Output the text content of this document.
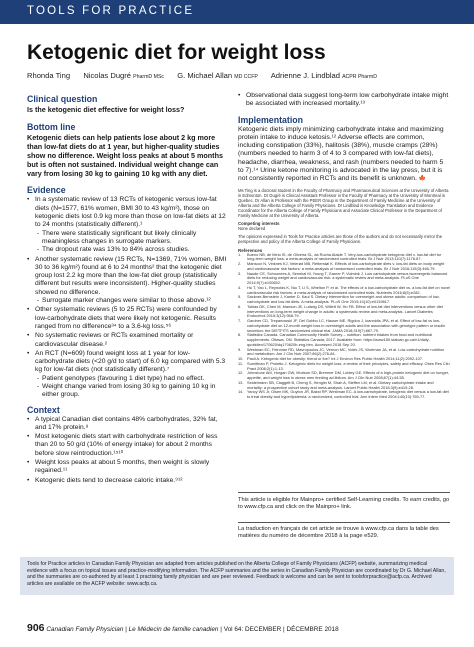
TOOLS FOR PRACTICE
Ketogenic diet for weight loss
Rhonda Ting Nicolas Dugré PharmD MSc G. Michael Allan MD CCFP Adrienne J. Lindblad ACPR PharmD
Clinical question
Is the ketogenic diet effective for weight loss?
Bottom line
Ketogenic diets can help patients lose about 2 kg more than low-fat diets do at 1 year, but higher-quality studies show no difference. Weight loss peaks at about 5 months but is often not sustained. Individual weight change can vary from losing 30 kg to gaining 10 kg with any diet.
Evidence
• In a systematic review of 13 RCTs of ketogenic versus low-fat diets (N=1577, 61% women, BMI 30 to 43 kg/m²), those on ketogenic diets lost 0.9 kg more than those on low-fat diets at 12 to 24 months (statistically different).¹
- There were statistically significant but likely clinically meaningless changes in surrogate markers.
- The dropout rate was 13% to 84% across studies.
• Another systematic review (15 RCTs, N=1369, 71% women, BMI 30 to 36 kg/m²) found at 6 to 24 months² that the ketogenic diet group lost 2.2 kg more than the low-fat diet group (statistically different but results were inconsistent). Higher-quality studies showed no difference.
- Surrogate marker changes were similar to those above.¹²
• Other systematic reviews (5 to 25 RCTs) were confounded by low-carbohydrate diets that were likely not ketogenic. Results ranged from no difference³⁴ to a 3.6-kg loss.⁵⁶
• No systematic reviews or RCTs examined mortality or cardiovascular disease.²
• An RCT (N=609) found weight loss at 1 year for low-carbohydrate diets (<20 g/d to start) of 6.0 kg compared with 5.3 kg for low-fat diets (not statistically different).⁷
- Patient genotypes (favouring 1 diet type) had no effect.
- Weight change varied from losing 30 kg to gaining 10 kg in either group.
Context
• A typical Canadian diet contains 48% carbohydrates, 32% fat, and 17% protein.⁸
• Most ketogenic diets start with carbohydrate restriction of less than 20 to 50 g/d (10% of energy intake) for about 2 months before slow reintroduction.¹⁵¹⁰
• Weight loss peaks at about 5 months, then weight is slowly regained.¹¹
• Ketogenic diets tend to decrease caloric intake.⁹¹²
• Observational data suggest long-term low carbohydrate intake might be associated with increased mortality.¹³
Implementation
Ketogenic diets imply minimizing carbohydrate intake and maximizing protein intake to induce ketosis.¹² Adverse effects are common, including constipation (33%), halitosis (38%), muscle cramps (28%) (numbers needed to harm 3 of 4 to 3 compared with low-fat diets), headache, diarrhea, weakness, and rash (numbers needed to harm 5 to 7).¹⁴ Urine ketone monitoring is advocated in the lay press, but it is not consistently reported in RCTs and its benefit is unknown. 🍁
Ms Ting is a doctoral student in the Faculty of Pharmacy and Pharmaceutical Sciences at the University of Alberta in Edmonton. Dr Dugré is Clinical Assistant Professor in the Faculty of Pharmacy at the University of Montreal in Quebec. Dr Allan is Professor with the PEER Group in the Department of Family Medicine at the University of Alberta and the Alberta College of Family Physicians. Dr Lindblad is Knowledge Translation and Evidence Coordinator for the Alberta College of Family Physicians and Associate Clinical Professor in the Department of Family Medicine at the University of Alberta.
Competing interests
None declared
The opinions expressed in Tools for Practice articles are those of the authors and do not necessarily mirror the perspective and policy of the Alberta College of Family Physicians.
References
1. Bueno NB, de Melo IS, de Oliveira SL, da Rocha Ataide T. Very-low-carbohydrate ketogenic diet v. low-fat diet for long-term weight loss: a meta-analysis of randomised controlled trials. Br J Nutr 2013;110(7):1178-87.
2. Mansoor N, Vinknes KJ, Veierød MB, Retterstøl K. Effects of low-carbohydrate diets v. low-fat diets on body weight and cardiovascular risk factors: a meta-analysis of randomised controlled trials. Br J Nutr 2016;115(3):466-79.
3. Naude CE, Schoonees A, Senekal M, Young T, Garner P, Volmink J. Low carbohydrate versus isoenergetic balanced diets for reducing weight and cardiovascular risk: a systematic review and meta-analysis. PLoS One 2014;9(7):e100652.
4. Hu T, Yao L, Reynolds K, Niu T, Li S, Whelton P, et al. The effects of a low-carbohydrate diet vs. a low-fat diet on novel cardiovascular risk factors: a meta-analysis of randomized controlled trials. Nutrients 2016;8(5):e282.
5. Sackner-Bernstein J, Kanter D, Kaul S. Dietary intervention for overweight and obese adults: comparison of low-carbohydrate and low-fat diets. A meta-analysis. PLoS One 2015;10(10):e0139817.
6. Tobias DK, Chen M, Manson JE, Ludwig DS, Willett W, Hu FB. Effect of low-fat diet interventions versus other diet interventions on long-term weight change in adults: a systematic review and meta-analysis. Lancet Diabetes Endocrinol 2015;3(12):968-79.
7. Gardner CD, Trepanowski JF, Del Gobbo LC, Hauser ME, Rigdon J, Ioannidis JPA, et al. Effect of low-fat vs low-carbohydrate diet on 12-month weight loss in overweight adults and the association with genotype pattern or insulin secretion: the DIETFITS randomized clinical trial. JAMA 2018;319(7):667-79.
8. Statistics Canada. Canadian Community Health Survey – nutrition: nutrient intakes from food and nutritional supplements. Ottawa, ON: Statistics Canada; 2017. Available from: https://www150.statcan.gc.ca/n1/daily-quotidien/170620/dq170620b-eng.htm. Accessed 2018 Sep 20.
9. Westman EC, Feinman RD, Mavropoulos JC, Vernon MC, Volek JS, Wortman JA, et al. Low-carbohydrate nutrition and metabolism. Am J Clin Nutr 2007;86(2):276-84.
10. Paoli A. Ketogenic diet for obesity: friend or foe? Int J Environ Res Public Health 2014;11(2):2092-107.
11. Sumithran P, Proietto J. Ketogenic diets for weight loss: a review of their principles, safety and efficacy. Obes Res Clin Pract 2008;2(1):1-13.
12. Johnstone AM, Horgan GW, Murison SD, Bremner DM, Lobley GE. Effects of a high-protein ketogenic diet on hunger, appetite, and weight loss in obese men feeding ad libitum. Am J Clin Nutr 2008;87(1):44-55.
13. Seidelmann SB, Claggett B, Cheng S, Henglin M, Shah A, Steffen LM, et al. Dietary carbohydrate intake and mortality: a prospective cohort study and meta-analysis. Lancet Public Health 2018;3(9):e419-28.
14. Yancy WS Jr, Olsen MK, Guyton JR, Bakst RP, Westman EC. A low-carbohydrate, ketogenic diet versus a low-fat diet to treat obesity and hyperlipidemia: a randomized, controlled trial. Ann Intern Med 2004;140(10):769-77.
This article is eligible for Mainpro+ certified Self-Learning credits. To earn credits, go to www.cfp.ca and click on the Mainpro+ link.
La traduction en français de cet article se trouve à www.cfp.ca dans la table des matières du numéro de décembre 2018 à la page e529.
Tools for Practice articles in Canadian Family Physician are adapted from articles published on the Alberta College of Family Physicians (ACFP) website, summarizing medical evidence with a focus on topical issues and practice-modifying information. The ACFP summaries and the series in Canadian Family Physician are coordinated by Dr G. Michael Allan, and the summaries are co-authored by at least 1 practising family physician and are peer reviewed. Feedback is welcome and can be sent to toolsforpractice@acfp.ca. Archived articles are available on the ACFP website: www.acfp.ca.
906 Canadian Family Physician | Le Médecin de famille canadien | Vol 64: DECEMBER | DÉCEMBRE 2018
